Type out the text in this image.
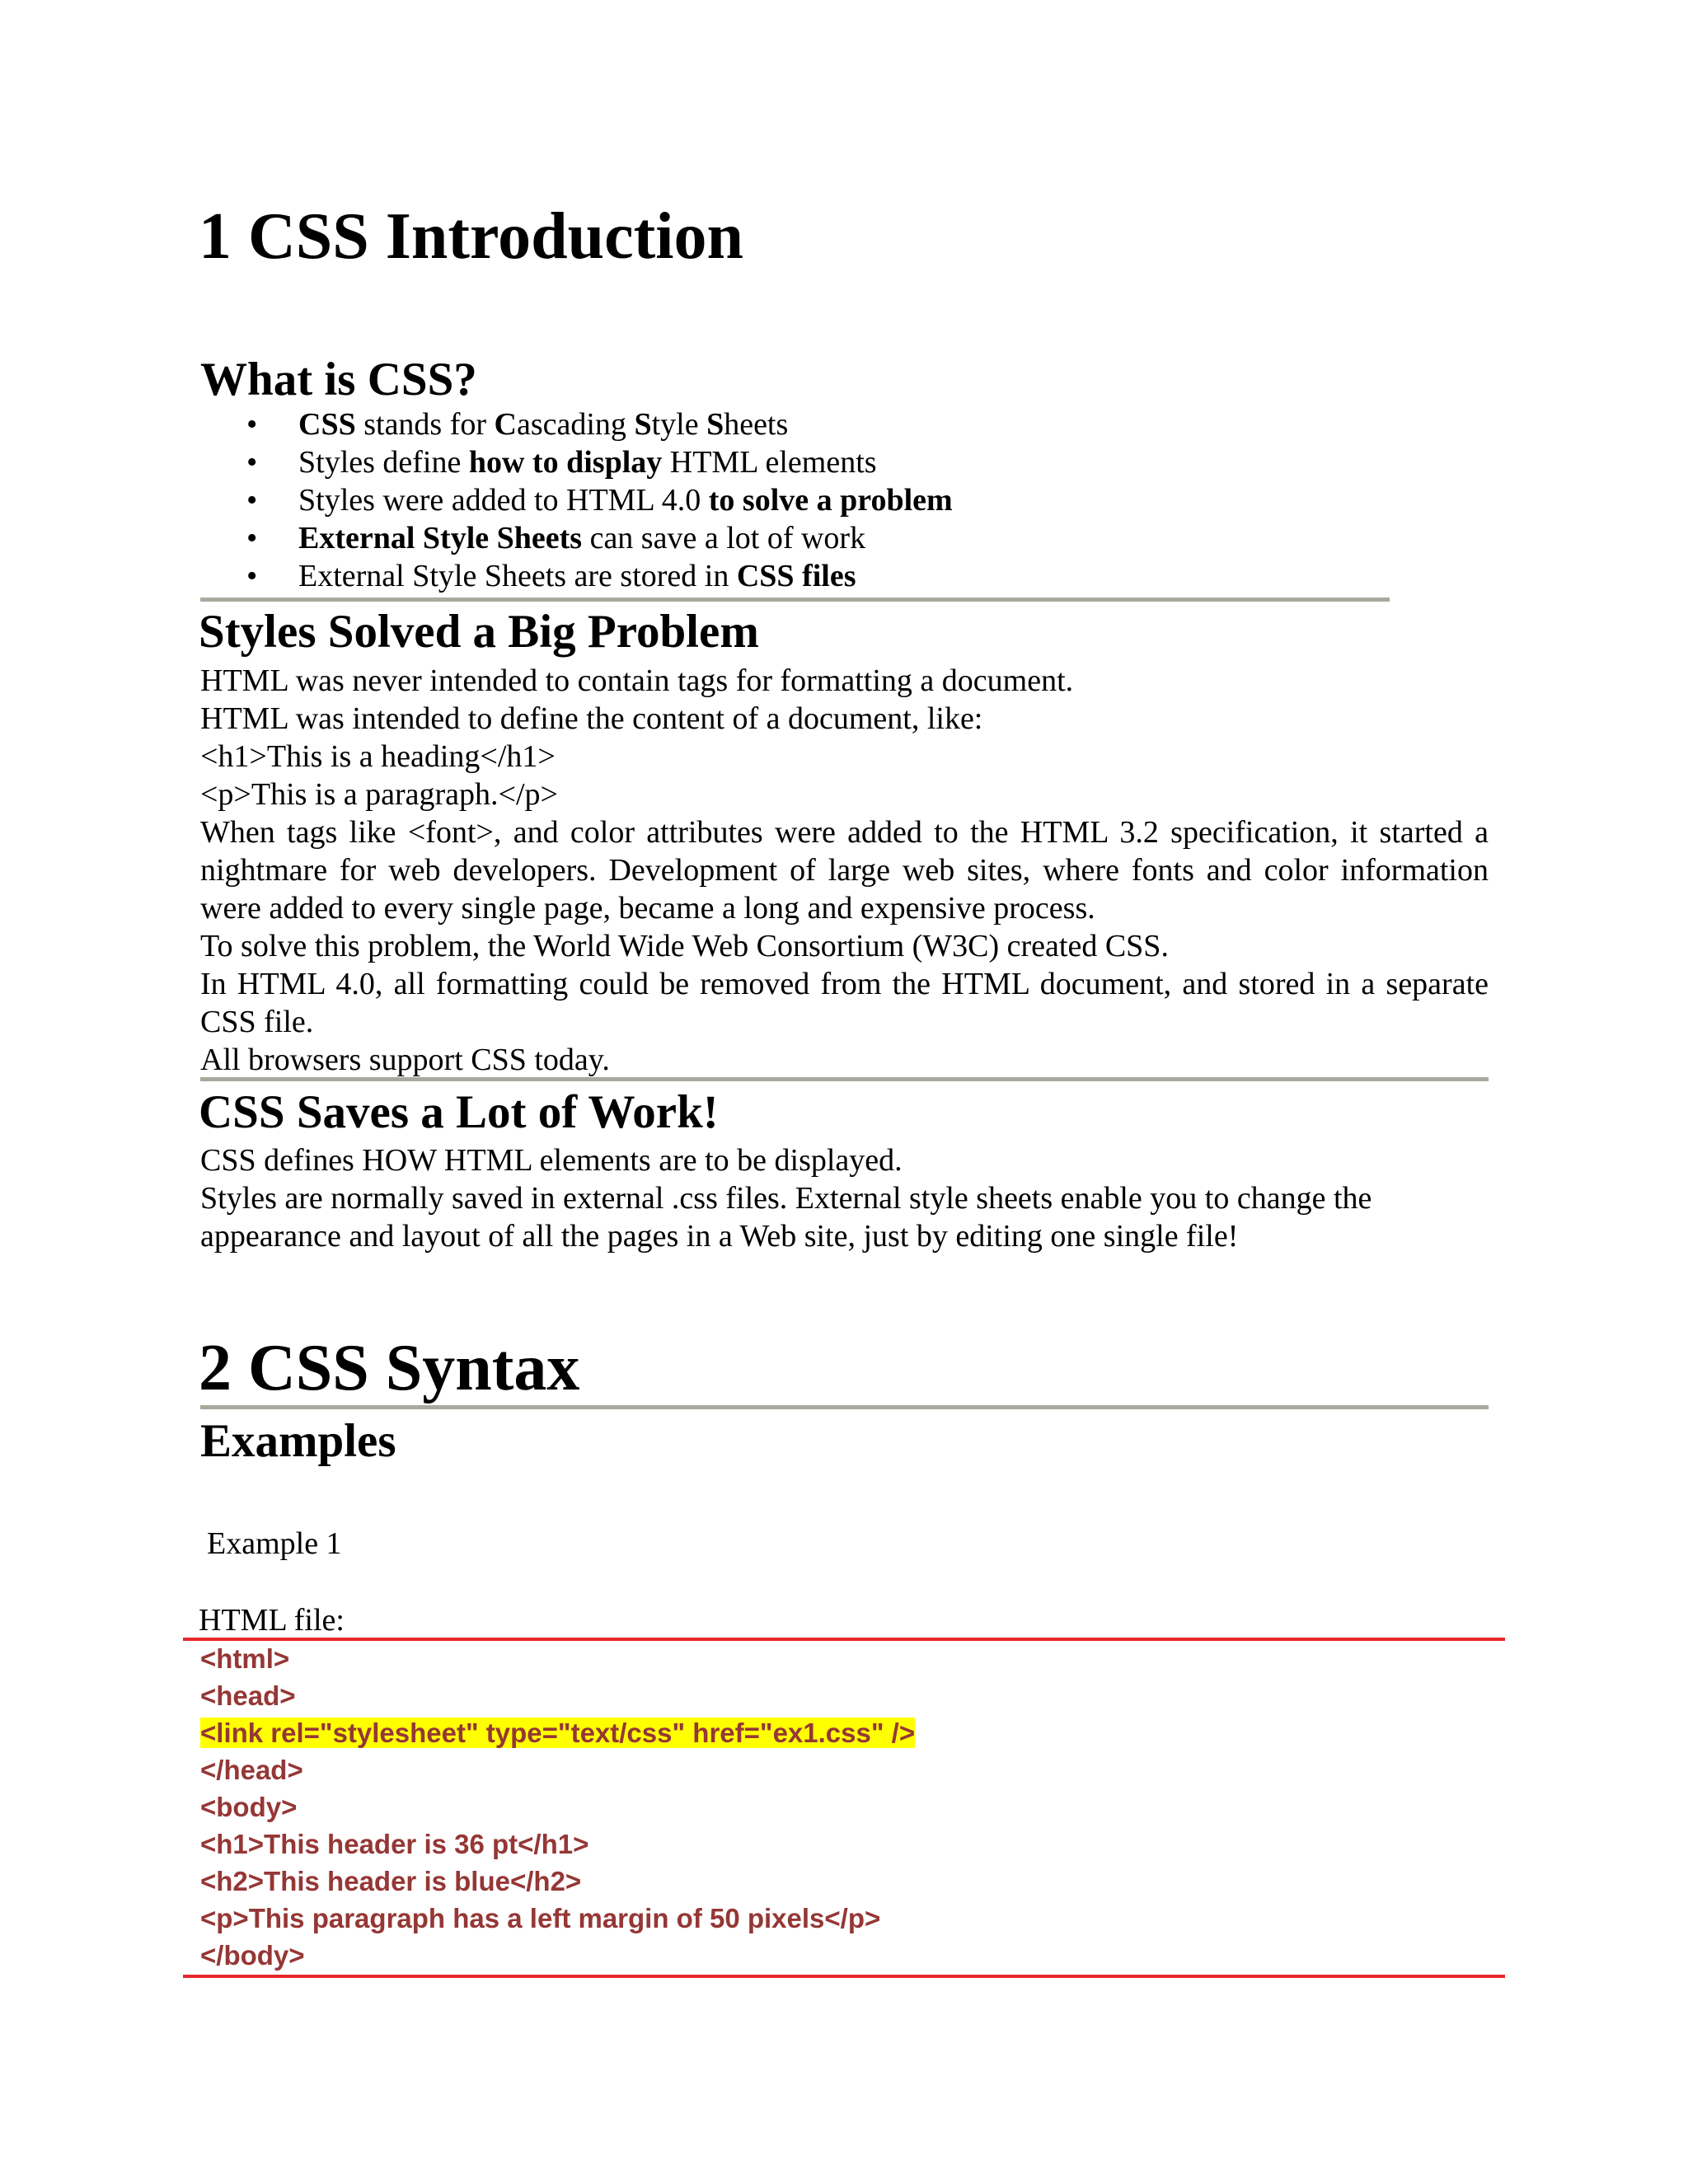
1 CSS Introduction
What is CSS?
• CSS stands for Cascading Style Sheets
• Styles define how to display HTML elements
• Styles were added to HTML 4.0 to solve a problem
• External Style Sheets can save a lot of work
• External Style Sheets are stored in CSS files
Styles Solved a Big Problem

HTML was never intended to contain tags for formatting a document.

HTML was intended to define the content of a document, like:

<h1>This is a heading</h1>

<p>This is a paragraph.</p>

When tags like <font>, and color attributes were added to the HTML 3.2 specification, it started a nightmare for web developers. Development of large web sites, where fonts and color information were added to every single page, became a long and expensive process.

To solve this problem, the World Wide Web Consortium (W3C) created CSS.

In HTML 4.0, all formatting could be removed from the HTML document, and stored in a separate CSS file.

All browsers support CSS today.

CSS Saves a Lot of Work!

CSS defines HOW HTML elements are to be displayed.

Styles are normally saved in external .css files. External style sheets enable you to change the appearance and layout of all the pages in a Web site, just by editing one single file!

2 CSS Syntax
Examples
Example 1
HTML file:
<html>
<head>
<link rel="stylesheet" type="text/css" href="ex1.css" />
</head>
<body>
<h1>This header is 36 pt</h1>
<h2>This header is blue</h2>
<p>This paragraph has a left margin of 50 pixels</p>
</body>
